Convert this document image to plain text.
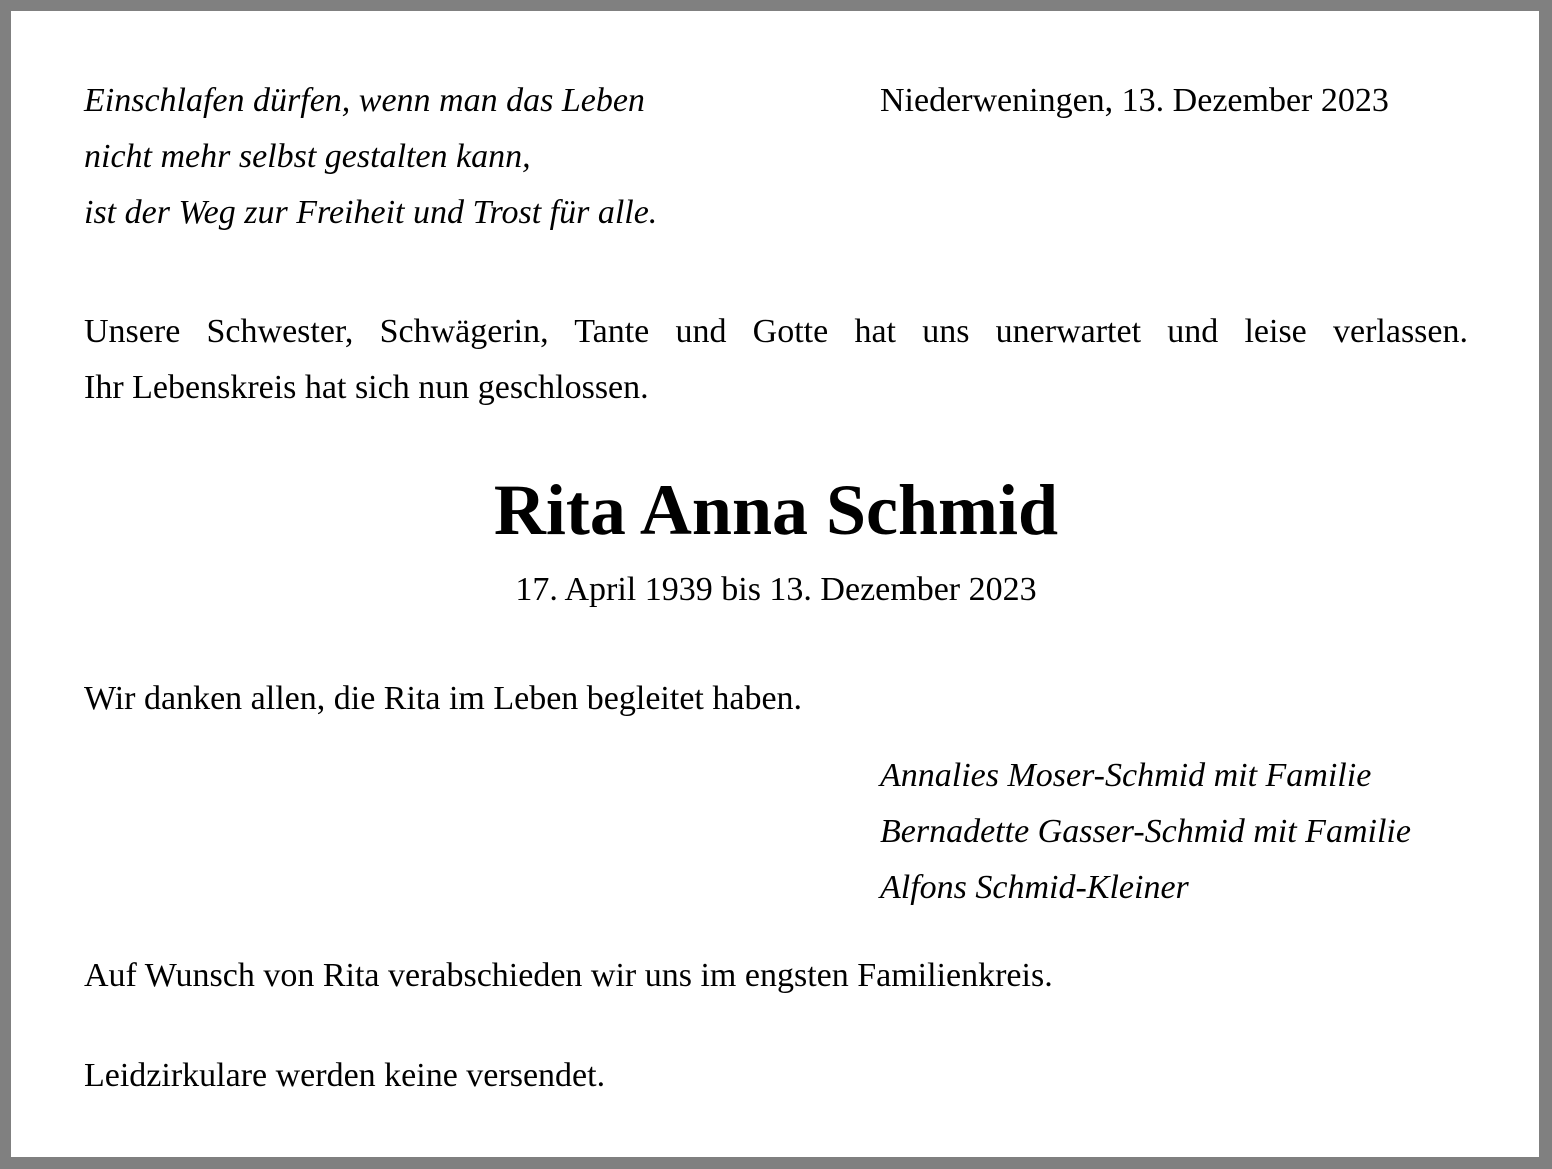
Einschlafen dürfen, wenn man das Leben
nicht mehr selbst gestalten kann,
ist der Weg zur Freiheit und Trost für alle.
Niederweningen, 13. Dezember 2023
Unsere Schwester, Schwägerin, Tante und Gotte hat uns unerwartet und leise verlassen.
Ihr Lebenskreis hat sich nun geschlossen.
Rita Anna Schmid
17. April 1939 bis 13. Dezember 2023
Wir danken allen, die Rita im Leben begleitet haben.
Annalies Moser-Schmid mit Familie
Bernadette Gasser-Schmid mit Familie
Alfons Schmid-Kleiner
Auf Wunsch von Rita verabschieden wir uns im engsten Familienkreis.
Leidzirkulare werden keine versendet.
